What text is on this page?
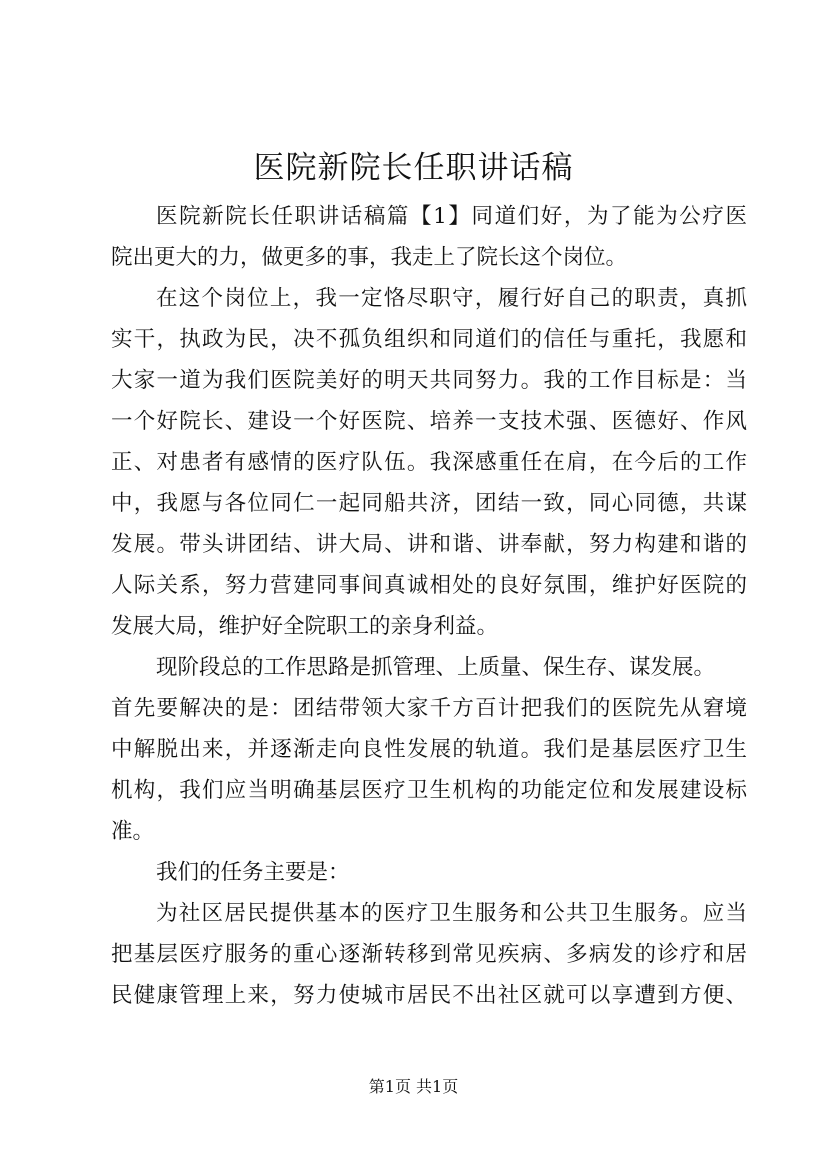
医院新院长任职讲话稿
医院新院长任职讲话稿篇【1】同道们好，为了能为公疗医
院出更大的力，做更多的事，我走上了院长这个岗位。
在这个岗位上，我一定恪尽职守，履行好自己的职责，真抓
实干，执政为民，决不孤负组织和同道们的信任与重托，我愿和
大家一道为我们医院美好的明天共同努力。我的工作目标是：当
一个好院长、建设一个好医院、培养一支技术强、医德好、作风
正、对患者有感情的医疗队伍。我深感重任在肩，在今后的工作
中，我愿与各位同仁一起同船共济，团结一致，同心同德，共谋
发展。带头讲团结、讲大局、讲和谐、讲奉献，努力构建和谐的
人际关系，努力营建同事间真诚相处的良好氛围，维护好医院的
发展大局，维护好全院职工的亲身利益。
现阶段总的工作思路是抓管理、上质量、保生存、谋发展。
首先要解决的是：团结带领大家千方百计把我们的医院先从窘境
中解脱出来，并逐渐走向良性发展的轨道。我们是基层医疗卫生
机构，我们应当明确基层医疗卫生机构的功能定位和发展建设标
准。
我们的任务主要是：
为社区居民提供基本的医疗卫生服务和公共卫生服务。应当
把基层医疗服务的重心逐渐转移到常见疾病、多病发的诊疗和居
民健康管理上来，努力使城市居民不出社区就可以享遭到方便、
第1页 共1页
